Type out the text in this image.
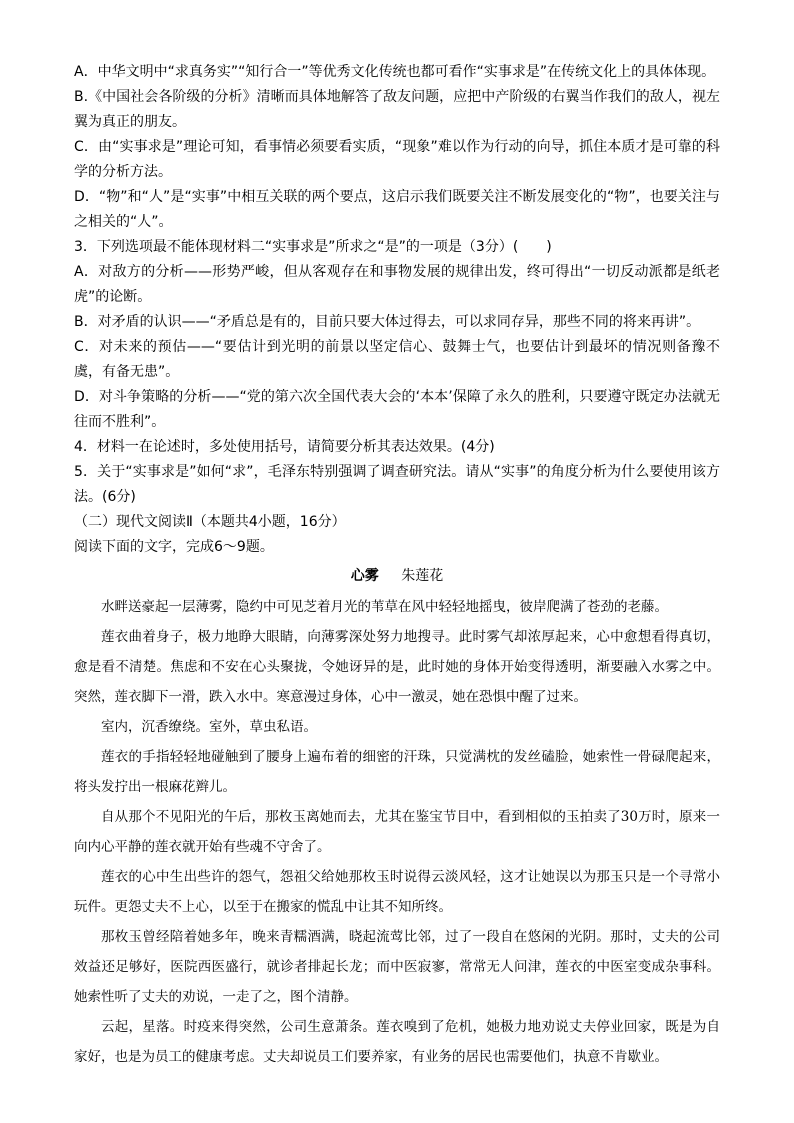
A．中华文明中“求真务实”“知行合一”等优秀文化传统也都可看作“实事求是”在传统文化上的具体体现。

B.《中国社会各阶级的分析》清晰而具体地解答了敌友问题，应把中产阶级的右翼当作我们的敌人，视左翼为真正的朋友。

C．由“实事求是”理论可知，看事情必须要看实质，“现象”难以作为行动的向导，抓住本质才是可靠的科学的分析方法。

D．“物”和“人”是“实事”中相互关联的两个要点，这启示我们既要关注不断发展变化的“物”，也要关注与之相关的“人”。

3．下列选项最不能体现材料二“实事求是”所求之“是”的一项是（3分）(　　)

A．对敌方的分析——形势严峻，但从客观存在和事物发展的规律出发，终可得出“一切反动派都是纸老虎”的论断。

B．对矛盾的认识——“矛盾总是有的，目前只要大体过得去，可以求同存异，那些不同的将来再讲”。

C．对未来的预估——“要估计到光明的前景以坚定信心、鼓舞士气，也要估计到最坏的情况则备豫不虞，有备无患”。

D．对斗争策略的分析——“党的第六次全国代表大会的‘本本’保障了永久的胜利，只要遵守既定办法就无往而不胜利”。

4．材料一在论述时，多处使用括号，请简要分析其表达效果。(4分)

5．关于“实事求是”如何“求”，毛泽东特别强调了调查研究法。请从“实事”的角度分析为什么要使用该方法。(6分)

（二）现代文阅读Ⅱ（本题共4小题，16分）

阅读下面的文字，完成6～9题。

心雾 朱莲花

水畔送豪起一层薄雾，隐约中可见芝着月光的苇草在风中轻轻地摇曳，彼岸爬满了苍劲的老藤。

莲衣曲着身子，极力地睁大眼睛，向薄雾深处努力地搜寻。此时雾气却浓厚起来，心中愈想看得真切，愈是看不清楚。焦虑和不安在心头聚拢，令她讶异的是，此时她的身体开始变得透明，渐要融入水雾之中。突然，莲衣脚下一滑，跌入水中。寒意漫过身体，心中一激灵，她在恐惧中醒了过来。

室内，沉香缭绕。室外，草虫私语。

莲衣的手指轻轻地碰触到了腰身上遍布着的细密的汗珠，只觉满枕的发丝磕脸，她索性一骨碌爬起来，将头发拧出一根麻花辫儿。

自从那个不见阳光的午后，那枚玉离她而去，尤其在鉴宝节目中，看到相似的玉拍卖了30万时，原来一向内心平静的莲衣就开始有些魂不守舍了。

莲衣的心中生出些许的怨气，怨祖父给她那枚玉时说得云淡风轻，这才让她误以为那玉只是一个寻常小玩件。更怨丈夫不上心，以至于在搬家的慌乱中让其不知所终。

那枚玉曾经陪着她多年，晚来青糯酒满，晓起流莺比邻，过了一段自在悠闲的光阴。那时，丈夫的公司效益还足够好，医院西医盛行，就诊者排起长龙；而中医寂寥，常常无人问津，莲衣的中医室变成杂事科。她索性听了丈夫的劝说，一走了之，图个清静。

云起，星落。时疫来得突然，公司生意萧条。莲衣嗅到了危机，她极力地劝说丈夫停业回家，既是为自家好，也是为员工的健康考虑。丈夫却说员工们要养家，有业务的居民也需要他们，执意不肯歇业。
